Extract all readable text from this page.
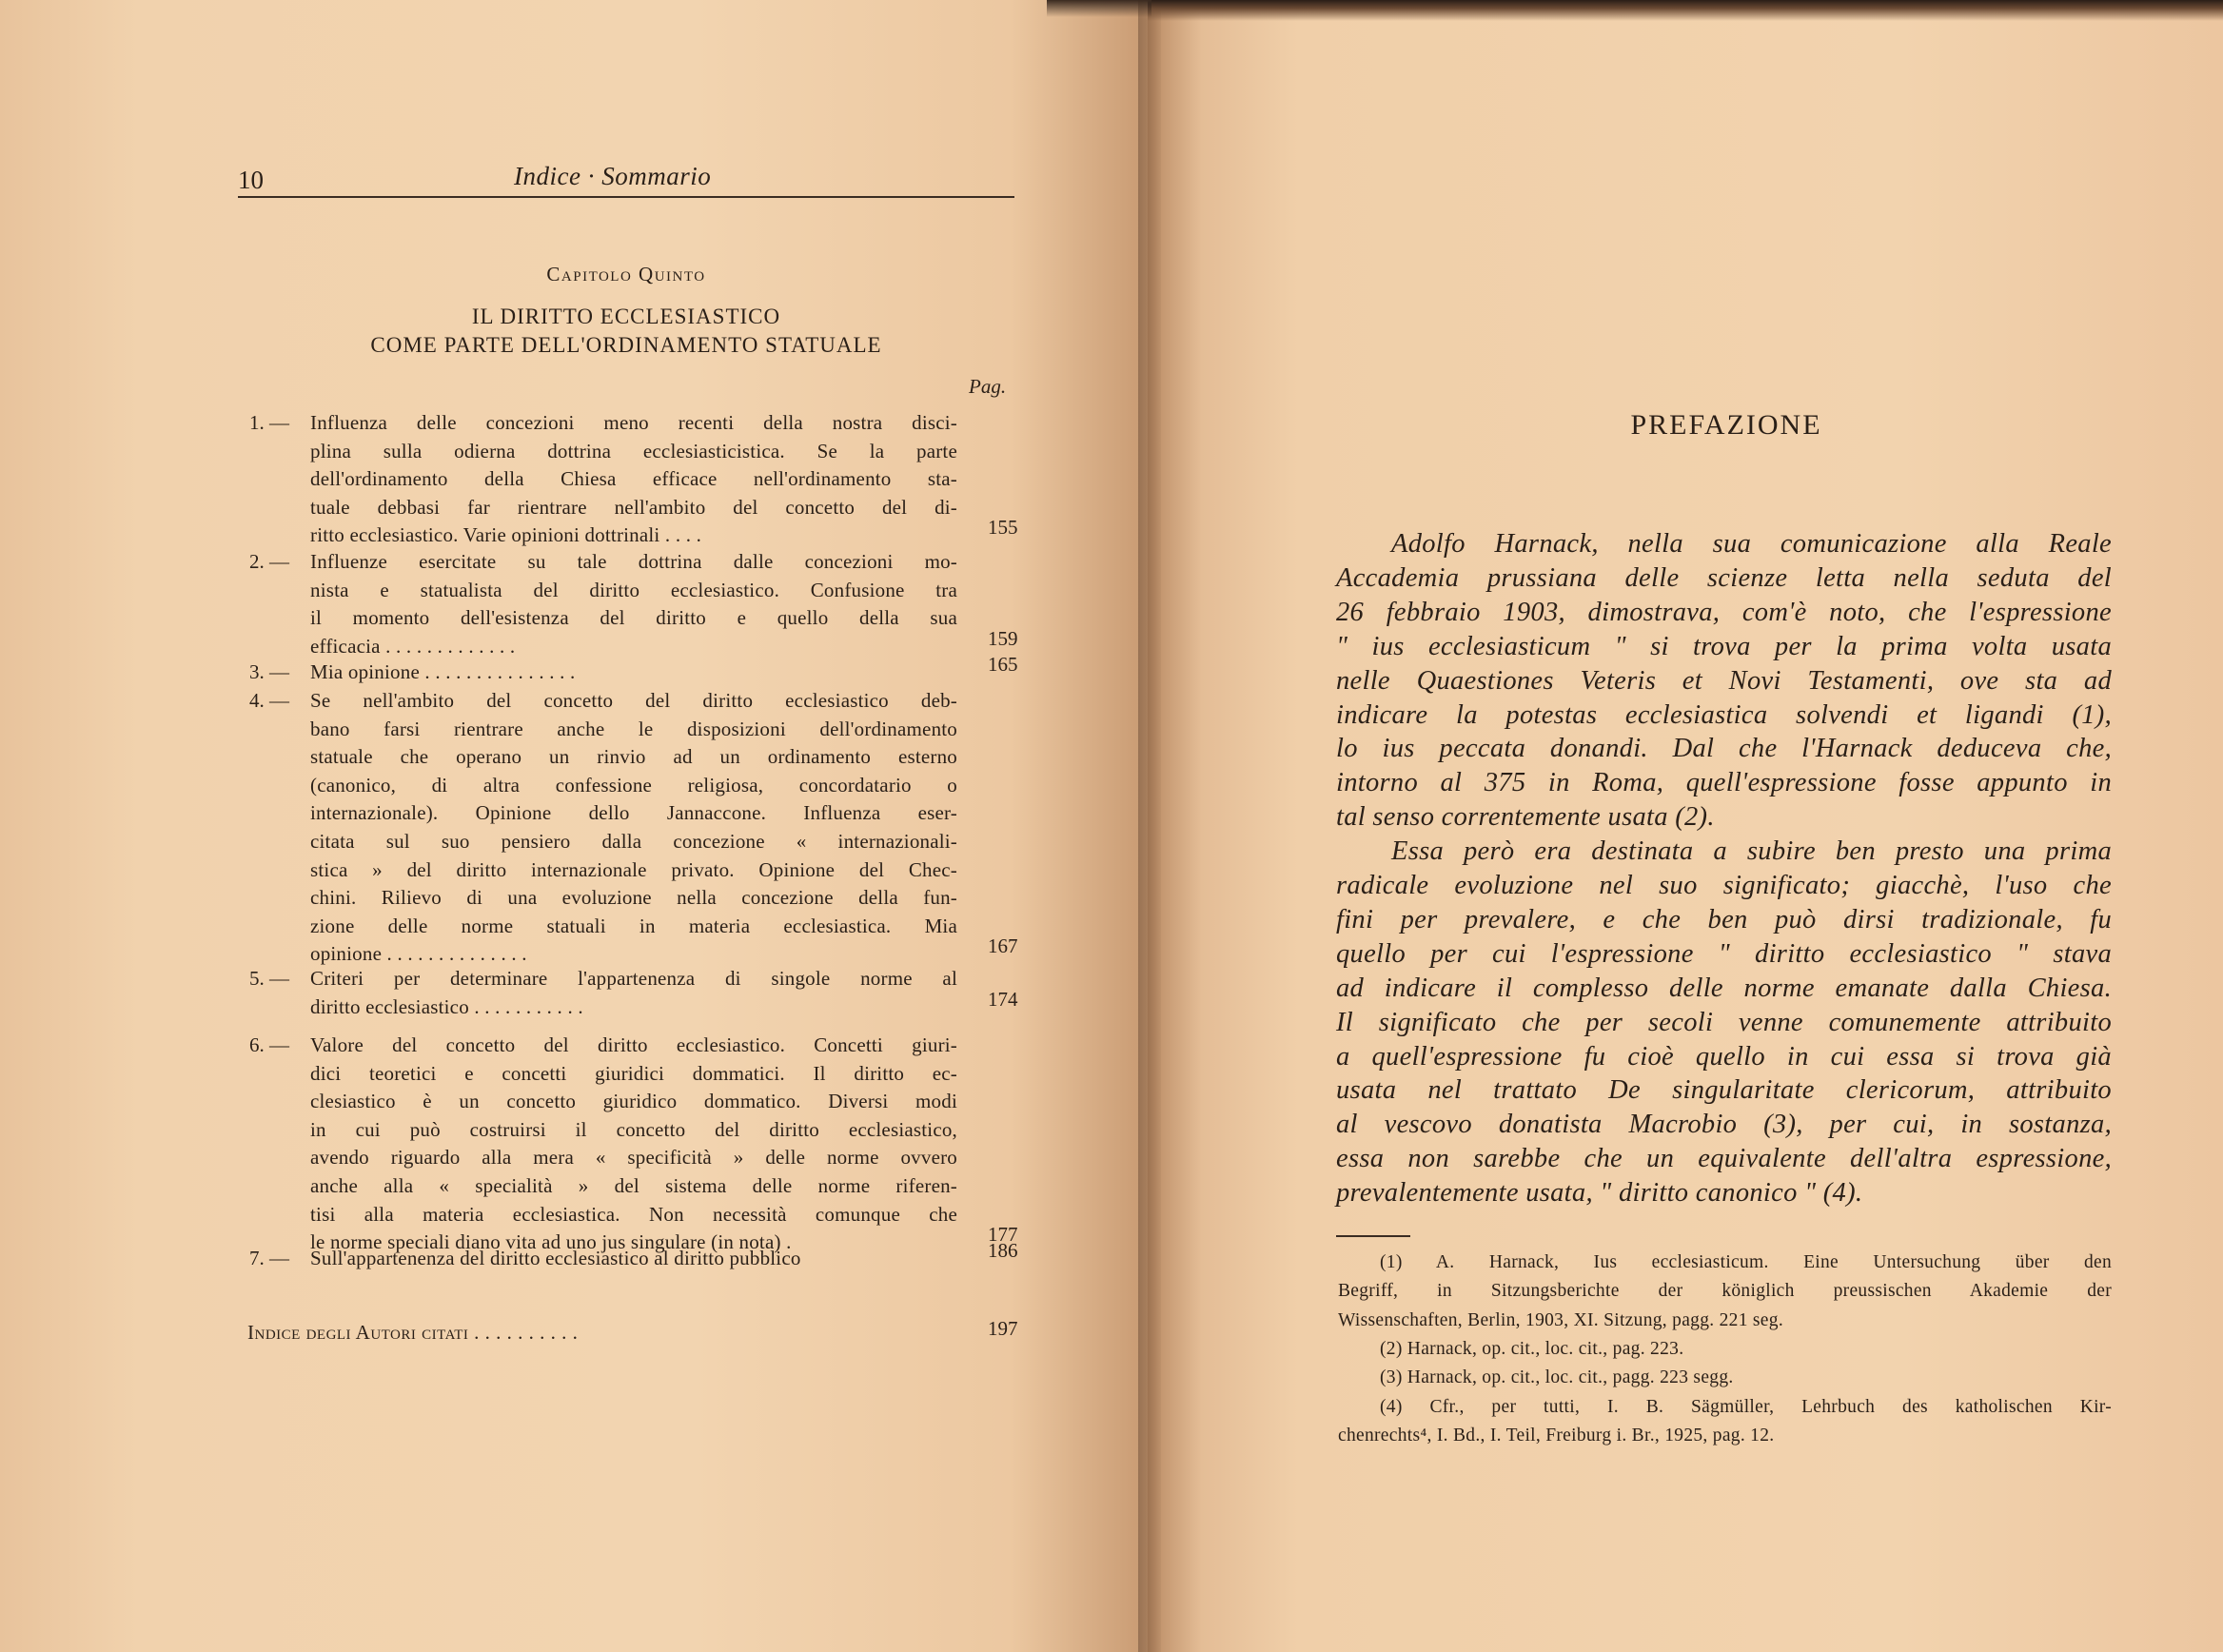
10	Indice · Sommario
Capitolo Quinto
IL DIRITTO ECCLESIASTICO
COME PARTE DELL'ORDINAMENTO STATUALE
Pag.
1. — Influenza delle concezioni meno recenti della nostra disci-
plina sulla odierna dottrina ecclesiasticistica. Se la parte
dell'ordinamento della Chiesa efficace nell'ordinamento sta-
tuale debbasi far rientrare nell'ambito del concetto del di-
ritto ecclesiastico. Varie opinioni dottrinali . . . .	155
2. — Influenze esercitate su tale dottrina dalle concezioni mo-
nista e statualista del diritto ecclesiastico. Confusione tra
il momento dell'esistenza del diritto e quello della sua
efficacia . . . . . . . . . . . . .	159
3. — Mia opinione . . . . . . . . . . . . . . .	165
4. — Se nell'ambito del concetto del diritto ecclesiastico deb-
bano farsi rientrare anche le disposizioni dell'ordinamento
statuale che operano un rinvio ad un ordinamento esterno
(canonico, di altra confessione religiosa, concordatario o
internazionale). Opinione dello Jannaccone. Influenza eser-
citata sul suo pensiero dalla concezione « internazionali-
stica » del diritto internazionale privato. Opinione del Chec-
chini. Rilievo di una evoluzione nella concezione della fun-
zione delle norme statuali in materia ecclesiastica. Mia
opinione . . . . . . . . . . . . . .	167
5. — Criteri per determinare l'appartenenza di singole norme al
diritto ecclesiastico . . . . . . . . . . .	174
6. — Valore del concetto del diritto ecclesiastico. Concetti giuri-
dici teoretici e concetti giuridici dommatici. Il diritto ec-
clesiastico è un concetto giuridico dommatico. Diversi modi
in cui può costruirsi il concetto del diritto ecclesiastico,
avendo riguardo alla mera « specificità » delle norme ovvero
anche alla « specialità » del sistema delle norme riferen-
tisi alla materia ecclesiastica. Non necessità comunque che
le norme speciali diano vita ad uno jus singulare (in nota) .	177
7. — Sull'appartenenza del diritto ecclesiastico al diritto pubblico	186
Indice degli Autori citati . . . . . . . . . .	197
PREFAZIONE
Adolfo Harnack, nella sua comunicazione alla Reale
Accademia prussiana delle scienze letta nella seduta del
26 febbraio 1903, dimostrava, com'è noto, che l'espressione
" ius ecclesiasticum " si trova per la prima volta usata
nelle Quaestiones Veteris et Novi Testamenti, ove sta ad
indicare la potestas ecclesiastica solvendi et ligandi (1),
lo ius peccata donandi. Dal che l'Harnack deduceva che,
intorno al 375 in Roma, quell'espressione fosse appunto in
tal senso correntemente usata (2).
Essa però era destinata a subire ben presto una prima
radicale evoluzione nel suo significato; giacchè, l'uso che
fini per prevalere, e che ben può dirsi tradizionale, fu
quello per cui l'espressione " diritto ecclesiastico " stava
ad indicare il complesso delle norme emanate dalla Chiesa.
Il significato che per secoli venne comunemente attribuito
a quell'espressione fu cioè quello in cui essa si trova già
usata nel trattato De singularitate clericorum, attribuito
al vescovo donatista Macrobio (3), per cui, in sostanza,
essa non sarebbe che un equivalente dell'altra espressione,
prevalentemente usata, " diritto canonico " (4).
(1) A. Harnack, Ius ecclesiasticum. Eine Untersuchung über den
Begriff, in Sitzungsberichte der königlich preussischen Akademie der
Wissenschaften, Berlin, 1903, XI. Sitzung, pagg. 221 seg.
(2) Harnack, op. cit., loc. cit., pag. 223.
(3) Harnack, op. cit., loc. cit., pagg. 223 segg.
(4) Cfr., per tutti, I. B. Sägmüller, Lehrbuch des katholischen Kir-
chenrechts⁴, I. Bd., I. Teil, Freiburg i. Br., 1925, pag. 12.
